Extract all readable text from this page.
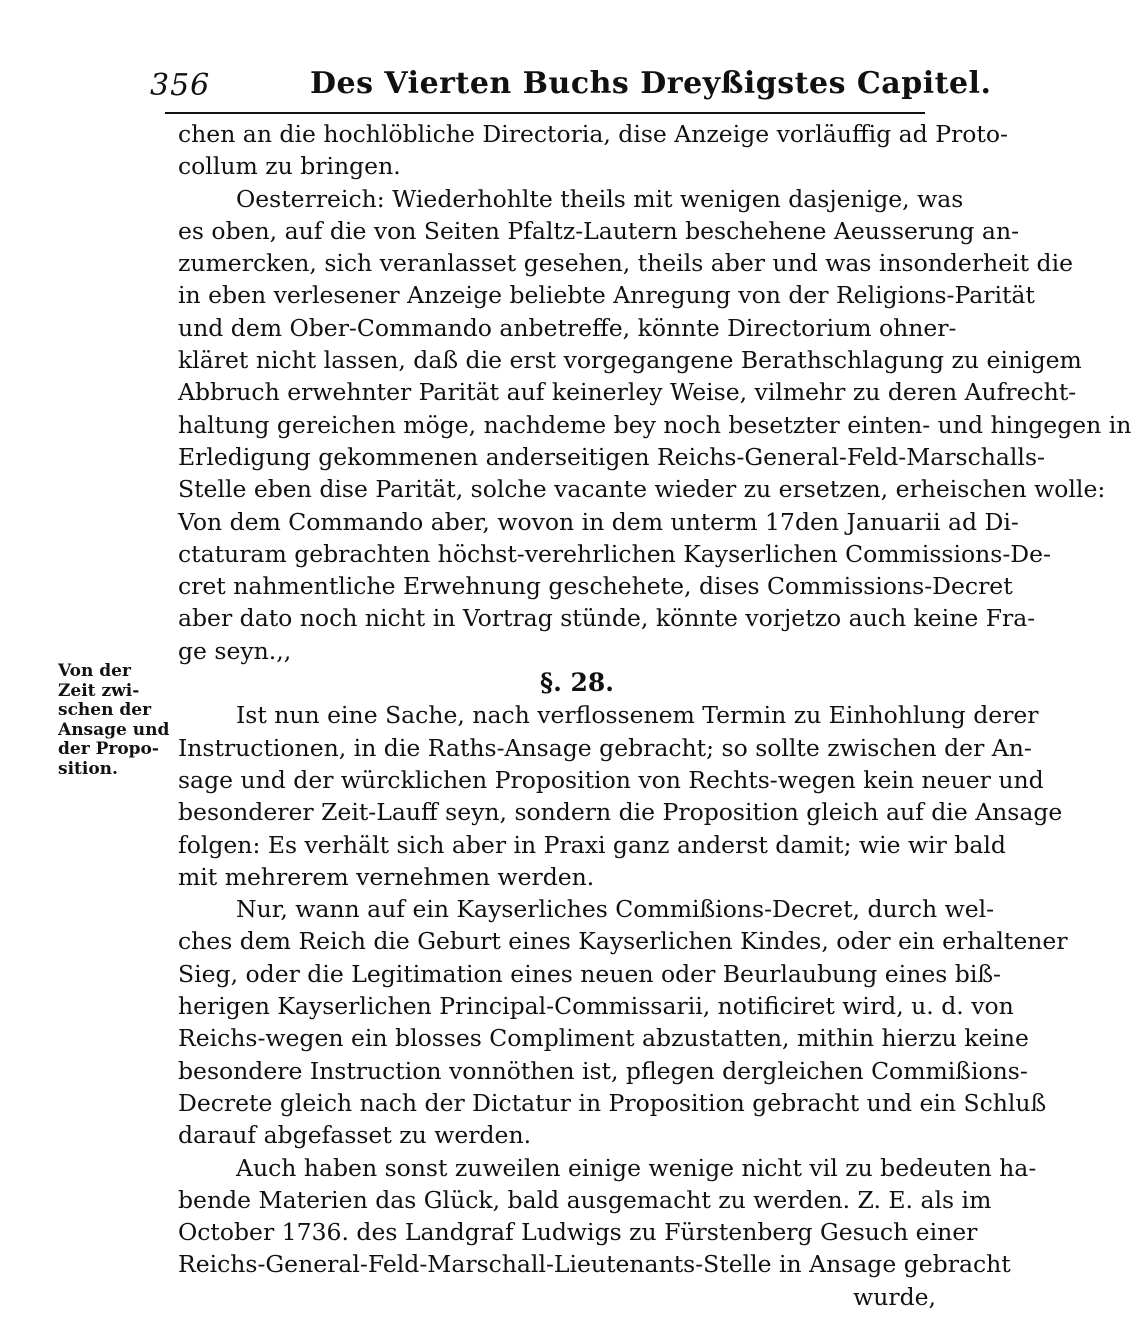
356	Des Vierten Buchs Dreyßigstes Capitel.
Von der
Zeit zwi-
schen der
Ansage und
der Propo-
sition.
chen an die hochlöbliche Directoria, dise Anzeige vorläuffig ad Proto-
collum zu bringen.
Oesterreich: Wiederhohlte theils mit wenigen dasjenige, was
es oben, auf die von Seiten Pfaltz-Lautern beschehene Aeusserung an-
zumercken, sich veranlasset gesehen, theils aber und was insonderheit die
in eben verlesener Anzeige beliebte Anregung von der Religions-Parität
und dem Ober-Commando anbetreffe, könnte Directorium ohner-
kläret nicht lassen, daß die erst vorgegangene Berathschlagung zu einigem
Abbruch erwehnter Parität auf keinerley Weise, vilmehr zu deren Aufrecht-
haltung gereichen möge, nachdeme bey noch besetzter einten- und hingegen in
Erledigung gekommenen anderseitigen Reichs-General-Feld-Marschalls-
Stelle eben dise Parität, solche vacante wieder zu ersetzen, erheischen wolle:
Von dem Commando aber, wovon in dem unterm 17den Januarii ad Di-
ctaturam gebrachten höchst-verehrlichen Kayserlichen Commissions-De-
cret nahmentliche Erwehnung geschehete, dises Commissions-Decret
aber dato noch nicht in Vortrag stünde, könnte vorjetzo auch keine Fra-
ge seyn.,,
§. 28.
Ist nun eine Sache, nach verflossenem Termin zu Einhohlung derer
Instructionen, in die Raths-Ansage gebracht; so sollte zwischen der An-
sage und der würcklichen Proposition von Rechts-wegen kein neuer und
besonderer Zeit-Lauff seyn, sondern die Proposition gleich auf die Ansage
folgen: Es verhält sich aber in Praxi ganz anderst damit; wie wir bald
mit mehrerem vernehmen werden.
Nur, wann auf ein Kayserliches Commißions-Decret, durch wel-
ches dem Reich die Geburt eines Kayserlichen Kindes, oder ein erhaltener
Sieg, oder die Legitimation eines neuen oder Beurlaubung eines biß-
herigen Kayserlichen Principal-Commissarii, notificiret wird, u. d. von
Reichs-wegen ein blosses Compliment abzustatten, mithin hierzu keine
besondere Instruction vonnöthen ist, pflegen dergleichen Commißions-
Decrete gleich nach der Dictatur in Proposition gebracht und ein Schluß
darauf abgefasset zu werden.
Auch haben sonst zuweilen einige wenige nicht vil zu bedeuten ha-
bende Materien das Glück, bald ausgemacht zu werden. Z. E. als im
October 1736. des Landgraf Ludwigs zu Fürstenberg Gesuch einer
Reichs-General-Feld-Marschall-Lieutenants-Stelle in Ansage gebracht
wurde,
